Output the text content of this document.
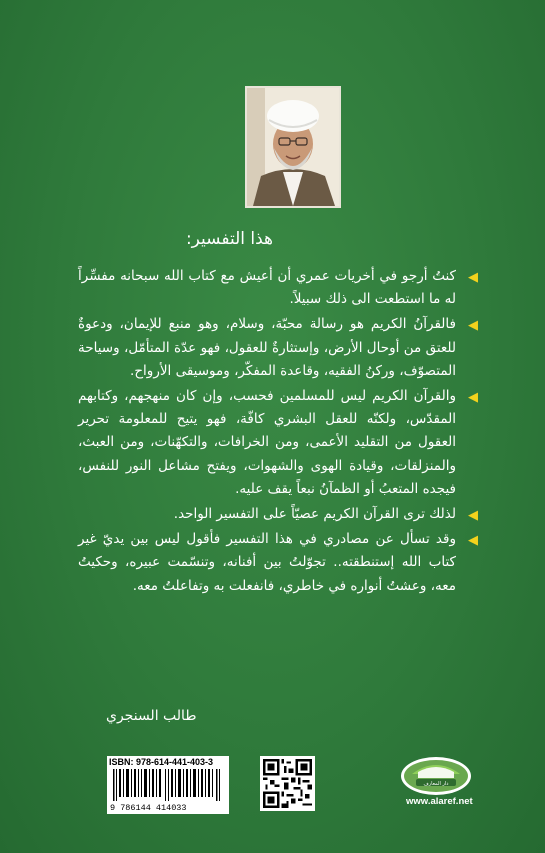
هذا التفسير:

◀
كنتُ أرجو في أخريات عمري أن أعيش مع كتاب الله سبحانه مفسِّراً له ما استطعت الى ذلك سبيلاً.

◀
فالقرآنُ الكريم هو رسالة محبّة، وسلام، وهو منبع للإيمان، ودعوةٌ للعتق من أوحال الأرض، وإستثارةٌ للعقول، فهو عدّة المتأمّل، وسياحة المتصوّف، وركنُ الفقيه، وقاعدة المفكّر، وموسيقى الأرواح.

◀
والقرآن الكريم ليس للمسلمين فحسب، وإن كان منهجهم، وكتابهم المقدّس، ولكنّه للعقل البشري كافّة، فهو يتيح للمعلومة تحرير العقول من التقليد الأعمى، ومن الخرافات، والتكهّنات، ومن العبث، والمنزلقات، وقيادة الهوى والشهوات، ويفتح مشاعل النور للنفس، فيجده المتعبُ أو الظمآنُ نبعاً يقف عليه.

◀
لذلك ترى القرآن الكريم عصيّاً على التفسير الواحد.

◀
وقد تسأل عن مصادري في هذا التفسير فأقول ليس بين يديّ غير كتاب الله إستنطقته.. تجوّلتُ بين أفنانه، وتنسّمت عبيره، وحكيتُ معه، وعشتُ أنواره في خاطري، فانفعلت به وتفاعلتُ معه.

طالب السنجري
ISBN: 978-614-441-403-3
9 786144 414033
دار المعارف
www.alaref.net
